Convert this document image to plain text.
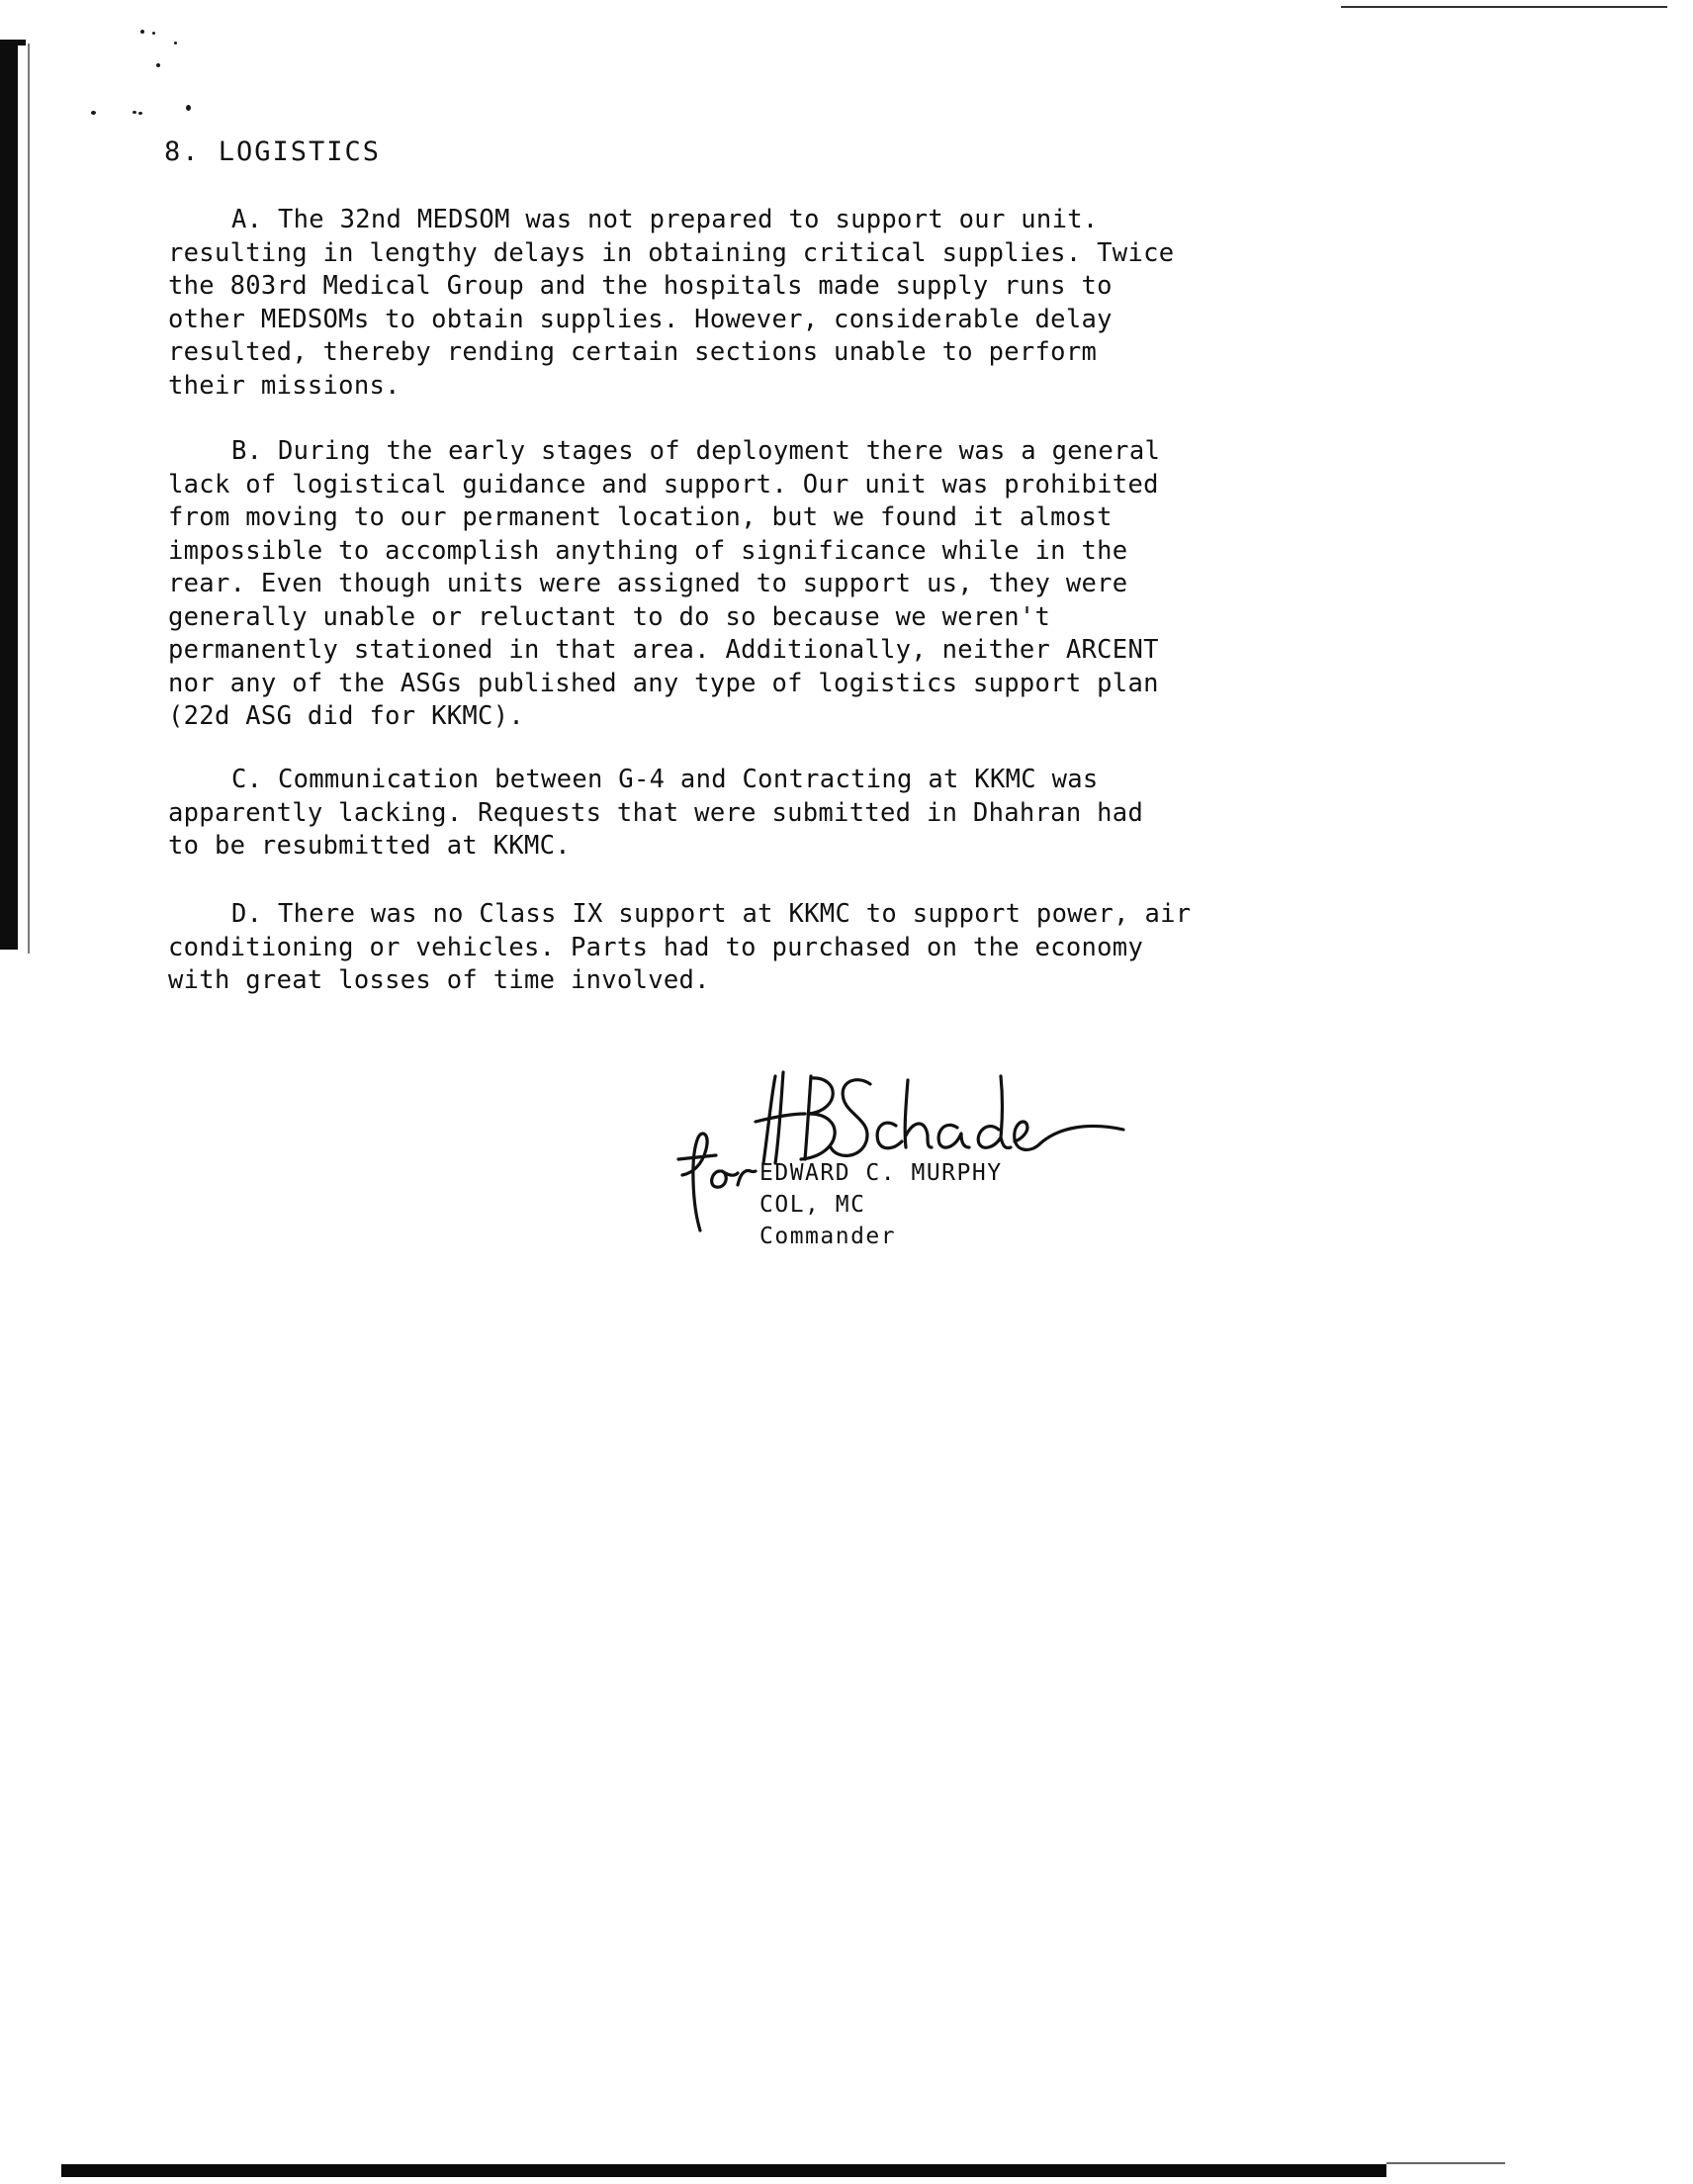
8. LOGISTICS

A. The 32nd MEDSOM was not prepared to support our unit.
resulting in lengthy delays in obtaining critical supplies. Twice
the 803rd Medical Group and the hospitals made supply runs to
other MEDSOMs to obtain supplies. However, considerable delay
resulted, thereby rending certain sections unable to perform
their missions.

B. During the early stages of deployment there was a general
lack of logistical guidance and support. Our unit was prohibited
from moving to our permanent location, but we found it almost
impossible to accomplish anything of significance while in the
rear. Even though units were assigned to support us, they were
generally unable or reluctant to do so because we weren't
permanently stationed in that area. Additionally, neither ARCENT
nor any of the ASGs published any type of logistics support plan
(22d ASG did for KKMC).

C. Communication between G-4 and Contracting at KKMC was
apparently lacking. Requests that were submitted in Dhahran had
to be resubmitted at KKMC.

D. There was no Class IX support at KKMC to support power, air
conditioning or vehicles. Parts had to purchased on the economy
with great losses of time involved.

EDWARD C. MURPHY
COL, MC
Commander
